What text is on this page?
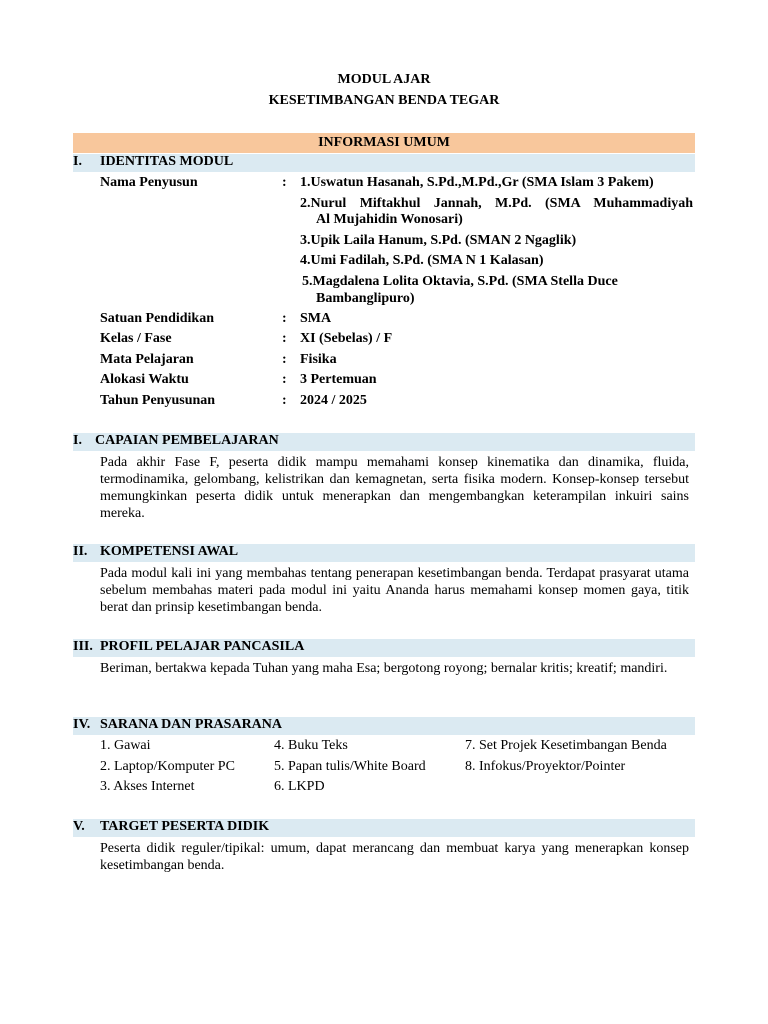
MODUL AJAR
KESETIMBANGAN BENDA TEGAR
INFORMASI UMUM
I. IDENTITAS MODUL
Nama Penyusun	: 1.Uswatun Hasanah, S.Pd.,M.Pd.,Gr (SMA Islam 3 Pakem)
2.Nurul Miftakhul Jannah, M.Pd. (SMA Muhammadiyah
Al Mujahidin Wonosari)
3.Upik Laila Hanum, S.Pd. (SMAN 2 Ngaglik)
4.Umi Fadilah, S.Pd. (SMA N 1 Kalasan)
5.Magdalena Lolita Oktavia, S.Pd. (SMA Stella Duce
Bambanglipuro)
Satuan Pendidikan	: SMA
Kelas / Fase	: XI (Sebelas) / F
Mata Pelajaran	: Fisika
Alokasi Waktu	: 3 Pertemuan
Tahun Penyusunan	: 2024 / 2025
I. CAPAIAN PEMBELAJARAN
Pada akhir Fase F, peserta didik mampu memahami konsep kinematika dan dinamika, fluida, termodinamika, gelombang, kelistrikan dan kemagnetan, serta fisika modern. Konsep-konsep tersebut memungkinkan peserta didik untuk menerapkan dan mengembangkan keterampilan inkuiri sains mereka.
II. KOMPETENSI AWAL
Pada modul kali ini yang membahas tentang penerapan kesetimbangan benda. Terdapat prasyarat utama sebelum membahas materi pada modul ini yaitu Ananda harus memahami konsep momen gaya, titik berat dan prinsip kesetimbangan benda.
III. PROFIL PELAJAR PANCASILA
Beriman, bertakwa kepada Tuhan yang maha Esa; bergotong royong; bernalar kritis; kreatif; mandiri.
IV. SARANA DAN PRASARANA
1. Gawai
2. Laptop/Komputer PC
3. Akses Internet
4. Buku Teks
5. Papan tulis/White Board
6. LKPD
7. Set Projek Kesetimbangan Benda
8. Infokus/Proyektor/Pointer
V. TARGET PESERTA DIDIK
Peserta didik reguler/tipikal: umum, dapat merancang dan membuat karya yang menerapkan konsep kesetimbangan benda.
